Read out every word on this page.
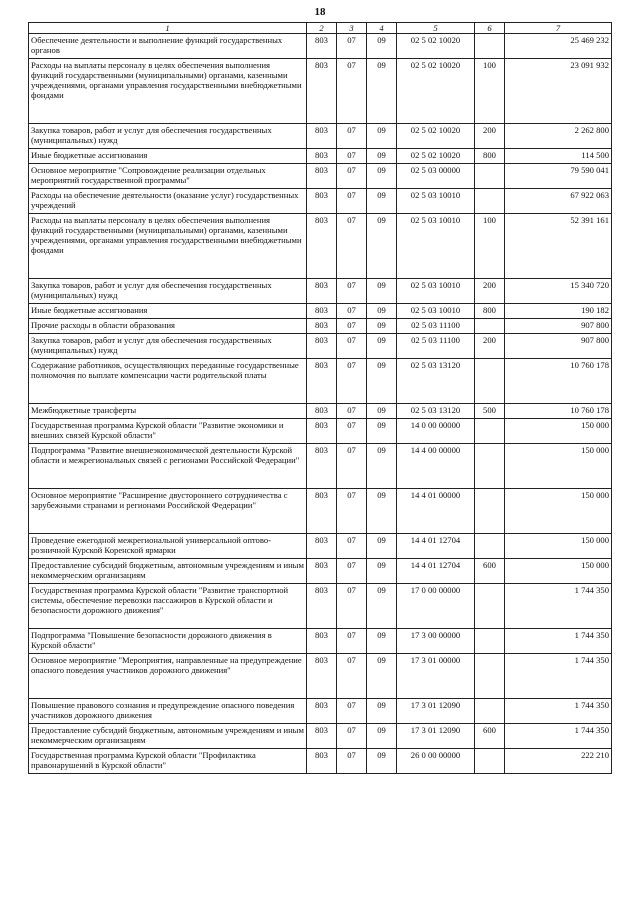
18
1	2	3	4	5	6	7
Обеспечение деятельности и выполнение функций государственных органов	803	07	09	02 5 02 10020		25 469 232
Расходы на выплаты персоналу в целях обеспечения выполнения функций государственными (муниципальными) органами, казенными учреждениями, органами управления государственными внебюджетными фондами	803	07	09	02 5 02 10020	100	23 091 932
Закупка товаров, работ и услуг для обеспечения государственных (муниципальных) нужд	803	07	09	02 5 02 10020	200	2 262 800
Иные бюджетные ассигнования	803	07	09	02 5 02 10020	800	114 500
Основное мероприятие "Сопровождение реализации отдельных мероприятий государственной программы"	803	07	09	02 5 03 00000		79 590 041
Расходы на обеспечение деятельности (оказание услуг) государственных учреждений	803	07	09	02 5 03 10010		67 922 063
Расходы на выплаты персоналу в целях обеспечения выполнения функций государственными (муниципальными) органами, казенными учреждениями, органами управления государственными внебюджетными фондами	803	07	09	02 5 03 10010	100	52 391 161
Закупка товаров, работ и услуг для обеспечения государственных (муниципальных) нужд	803	07	09	02 5 03 10010	200	15 340 720
Иные бюджетные ассигнования	803	07	09	02 5 03 10010	800	190 182
Прочие расходы в области образования	803	07	09	02 5 03 11100		907 800
Закупка товаров, работ и услуг для обеспечения государственных (муниципальных) нужд	803	07	09	02 5 03 11100	200	907 800
Содержание работников, осуществляющих переданные государственные полномочия по выплате компенсации части родительской платы	803	07	09	02 5 03 13120		10 760 178
Межбюджетные трансферты	803	07	09	02 5 03 13120	500	10 760 178
Государственная программа Курской области "Развитие экономики и внешних связей Курской области"	803	07	09	14 0 00 00000		150 000
Подпрограмма "Развитие внешнеэкономической деятельности Курской области и межрегиональных связей с регионами Российской Федерации"	803	07	09	14 4 00 00000		150 000
Основное мероприятие "Расширение двустороннего сотрудничества с зарубежными странами и регионами Российской Федерации"	803	07	09	14 4 01 00000		150 000
Проведение ежегодной межрегиональной универсальной оптово-розничной Курской Коренской ярмарки	803	07	09	14 4 01 12704		150 000
Предоставление субсидий бюджетным, автономным учреждениям и иным некоммерческим организациям	803	07	09	14 4 01 12704	600	150 000
Государственная программа Курской области "Развитие транспортной системы, обеспечение перевозки пассажиров в Курской области и безопасности дорожного движения"	803	07	09	17 0 00 00000		1 744 350
Подпрограмма "Повышение безопасности дорожного движения в Курской области"	803	07	09	17 3 00 00000		1 744 350
Основное мероприятие "Мероприятия, направленные на предупреждение опасного поведения участников дорожного движения"	803	07	09	17 3 01 00000		1 744 350
Повышение правового сознания и предупреждение опасного поведения участников дорожного движения	803	07	09	17 3 01 12090		1 744 350
Предоставление субсидий бюджетным, автономным учреждениям и иным некоммерческим организациям	803	07	09	17 3 01 12090	600	1 744 350
Государственная программа Курской области "Профилактика правонарушений в Курской области"	803	07	09	26 0 00 00000		222 210
